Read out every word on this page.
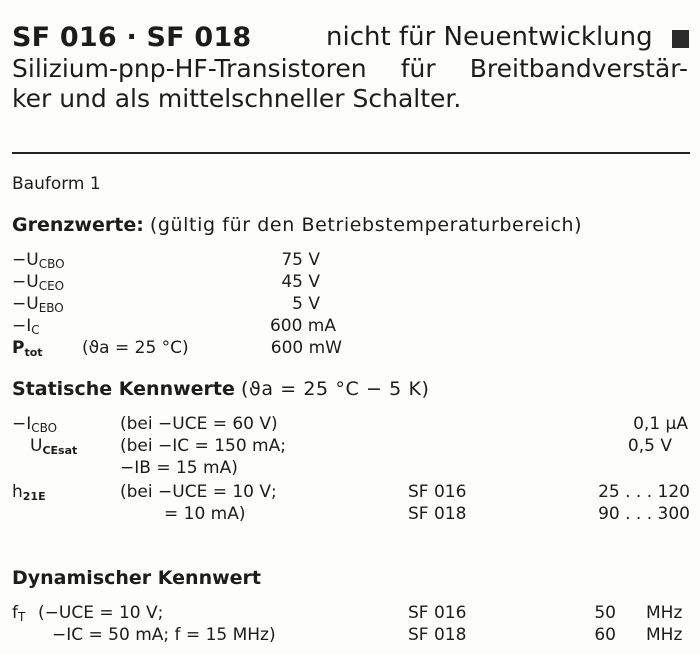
SF 016 · SF 018	nicht für Neuentwicklung
Silizium-pnp-HF-Transistoren für Breitbandverstär-
ker und als mittelschneller Schalter.
Bauform 1
Grenzwerte: (gültig für den Betriebstemperaturbereich)
$-U_{CBO}$	75 V
$-U_{CEO}$	45 V
$-U_{EBO}$	5 V
$-I_C$	600 mA
Ptot (ϑa = 25 °C)	600 mW
Statische Kennwerte (ϑa = 25 °C − 5 K)
$-I_{CBO}$	(bei −UCE = 60 V)	0,1 µA
UCEsat	(bei −IC = 150 mA;	0,5 V
−IB = 15 mA)
h21E	(bei −UCE = 10 V;	SF 016	25 . . . 120
= 10 mA)	SF 018	90 . . . 300
Dynamischer Kennwert
$f_T$ (−UCE = 10 V;	SF 016	50 MHz
−IC = 50 mA; f = 15 MHz)	SF 018	60 MHz
